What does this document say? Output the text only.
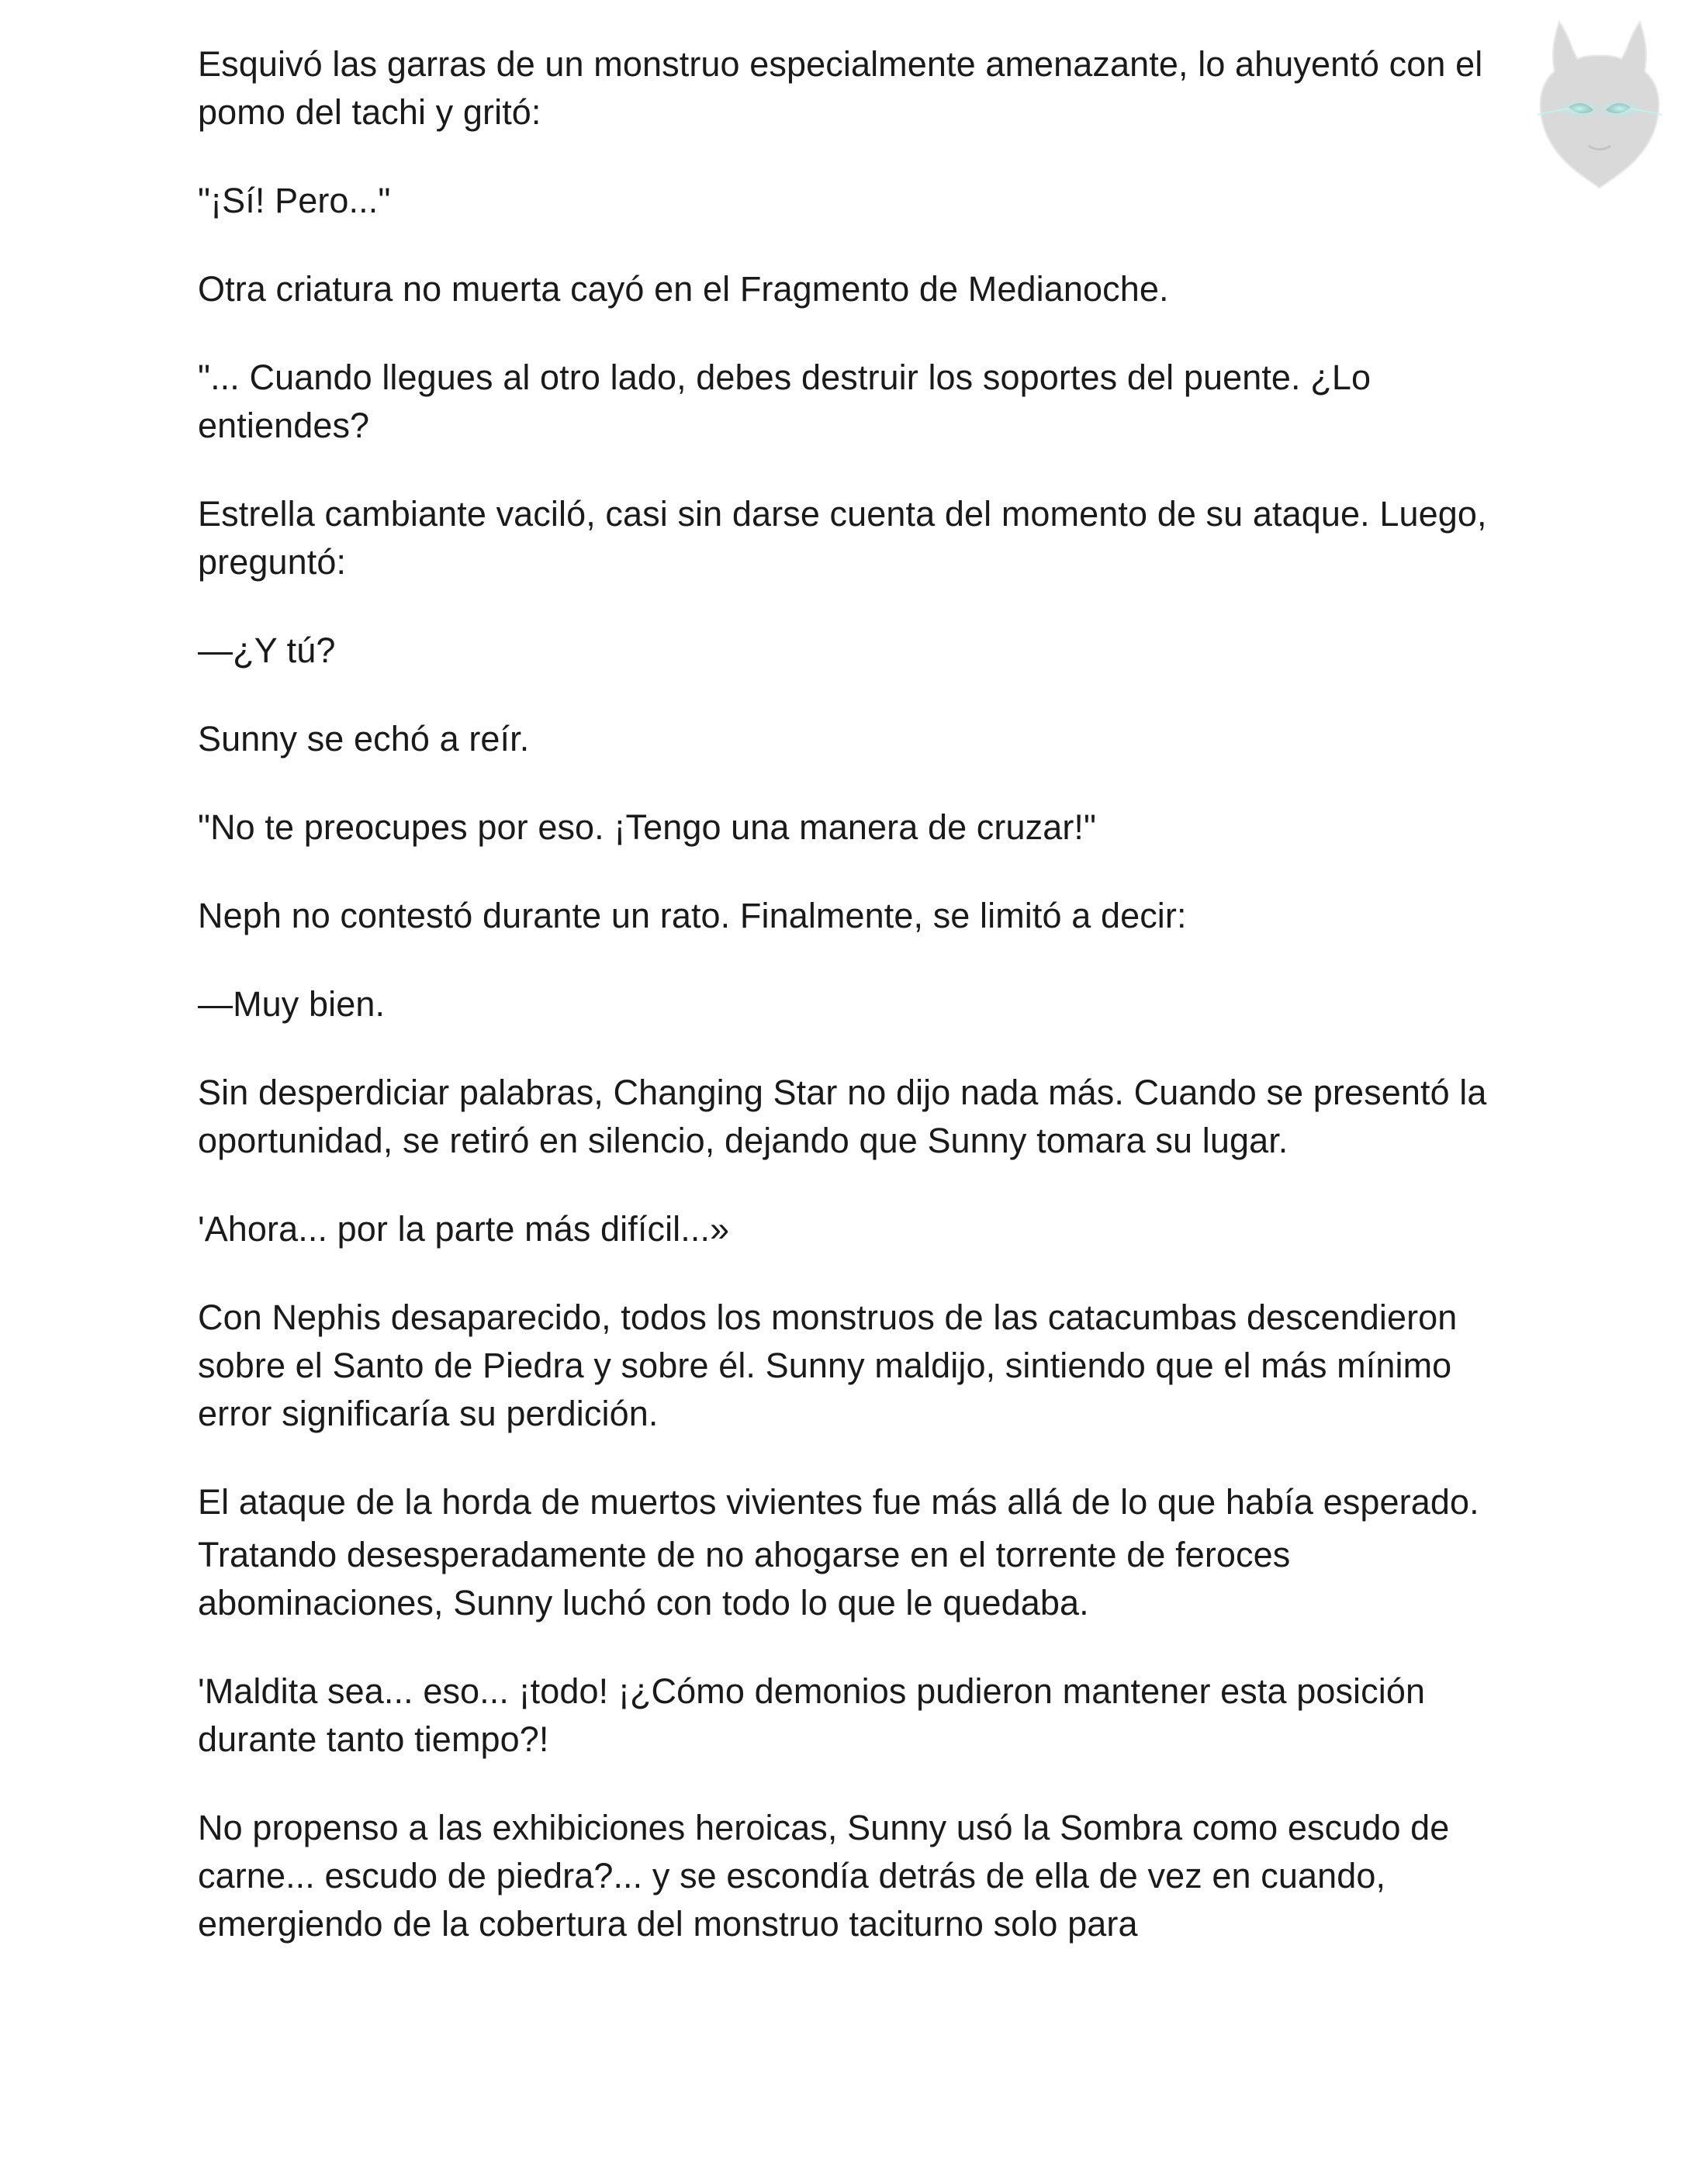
Esquivó las garras de un monstruo especialmente amenazante, lo ahuyentó con el pomo del tachi y gritó:

"¡Sí! Pero..."

Otra criatura no muerta cayó en el Fragmento de Medianoche.

"... Cuando llegues al otro lado, debes destruir los soportes del puente. ¿Lo entiendes?

Estrella cambiante vaciló, casi sin darse cuenta del momento de su ataque. Luego, preguntó:

—¿Y tú?

Sunny se echó a reír.

"No te preocupes por eso. ¡Tengo una manera de cruzar!"

Neph no contestó durante un rato. Finalmente, se limitó a decir:

—Muy bien.

Sin desperdiciar palabras, Changing Star no dijo nada más. Cuando se presentó la oportunidad, se retiró en silencio, dejando que Sunny tomara su lugar.

'Ahora... por la parte más difícil...»

Con Nephis desaparecido, todos los monstruos de las catacumbas descendieron sobre el Santo de Piedra y sobre él. Sunny maldijo, sintiendo que el más mínimo error significaría su perdición.

El ataque de la horda de muertos vivientes fue más allá de lo que había esperado.

Tratando desesperadamente de no ahogarse en el torrente de feroces abominaciones, Sunny luchó con todo lo que le quedaba.

'Maldita sea... eso... ¡todo! ¡¿Cómo demonios pudieron mantener esta posición durante tanto tiempo?!

No propenso a las exhibiciones heroicas, Sunny usó la Sombra como escudo de carne... escudo de piedra?... y se escondía detrás de ella de vez en cuando, emergiendo de la cobertura del monstruo taciturno solo para
